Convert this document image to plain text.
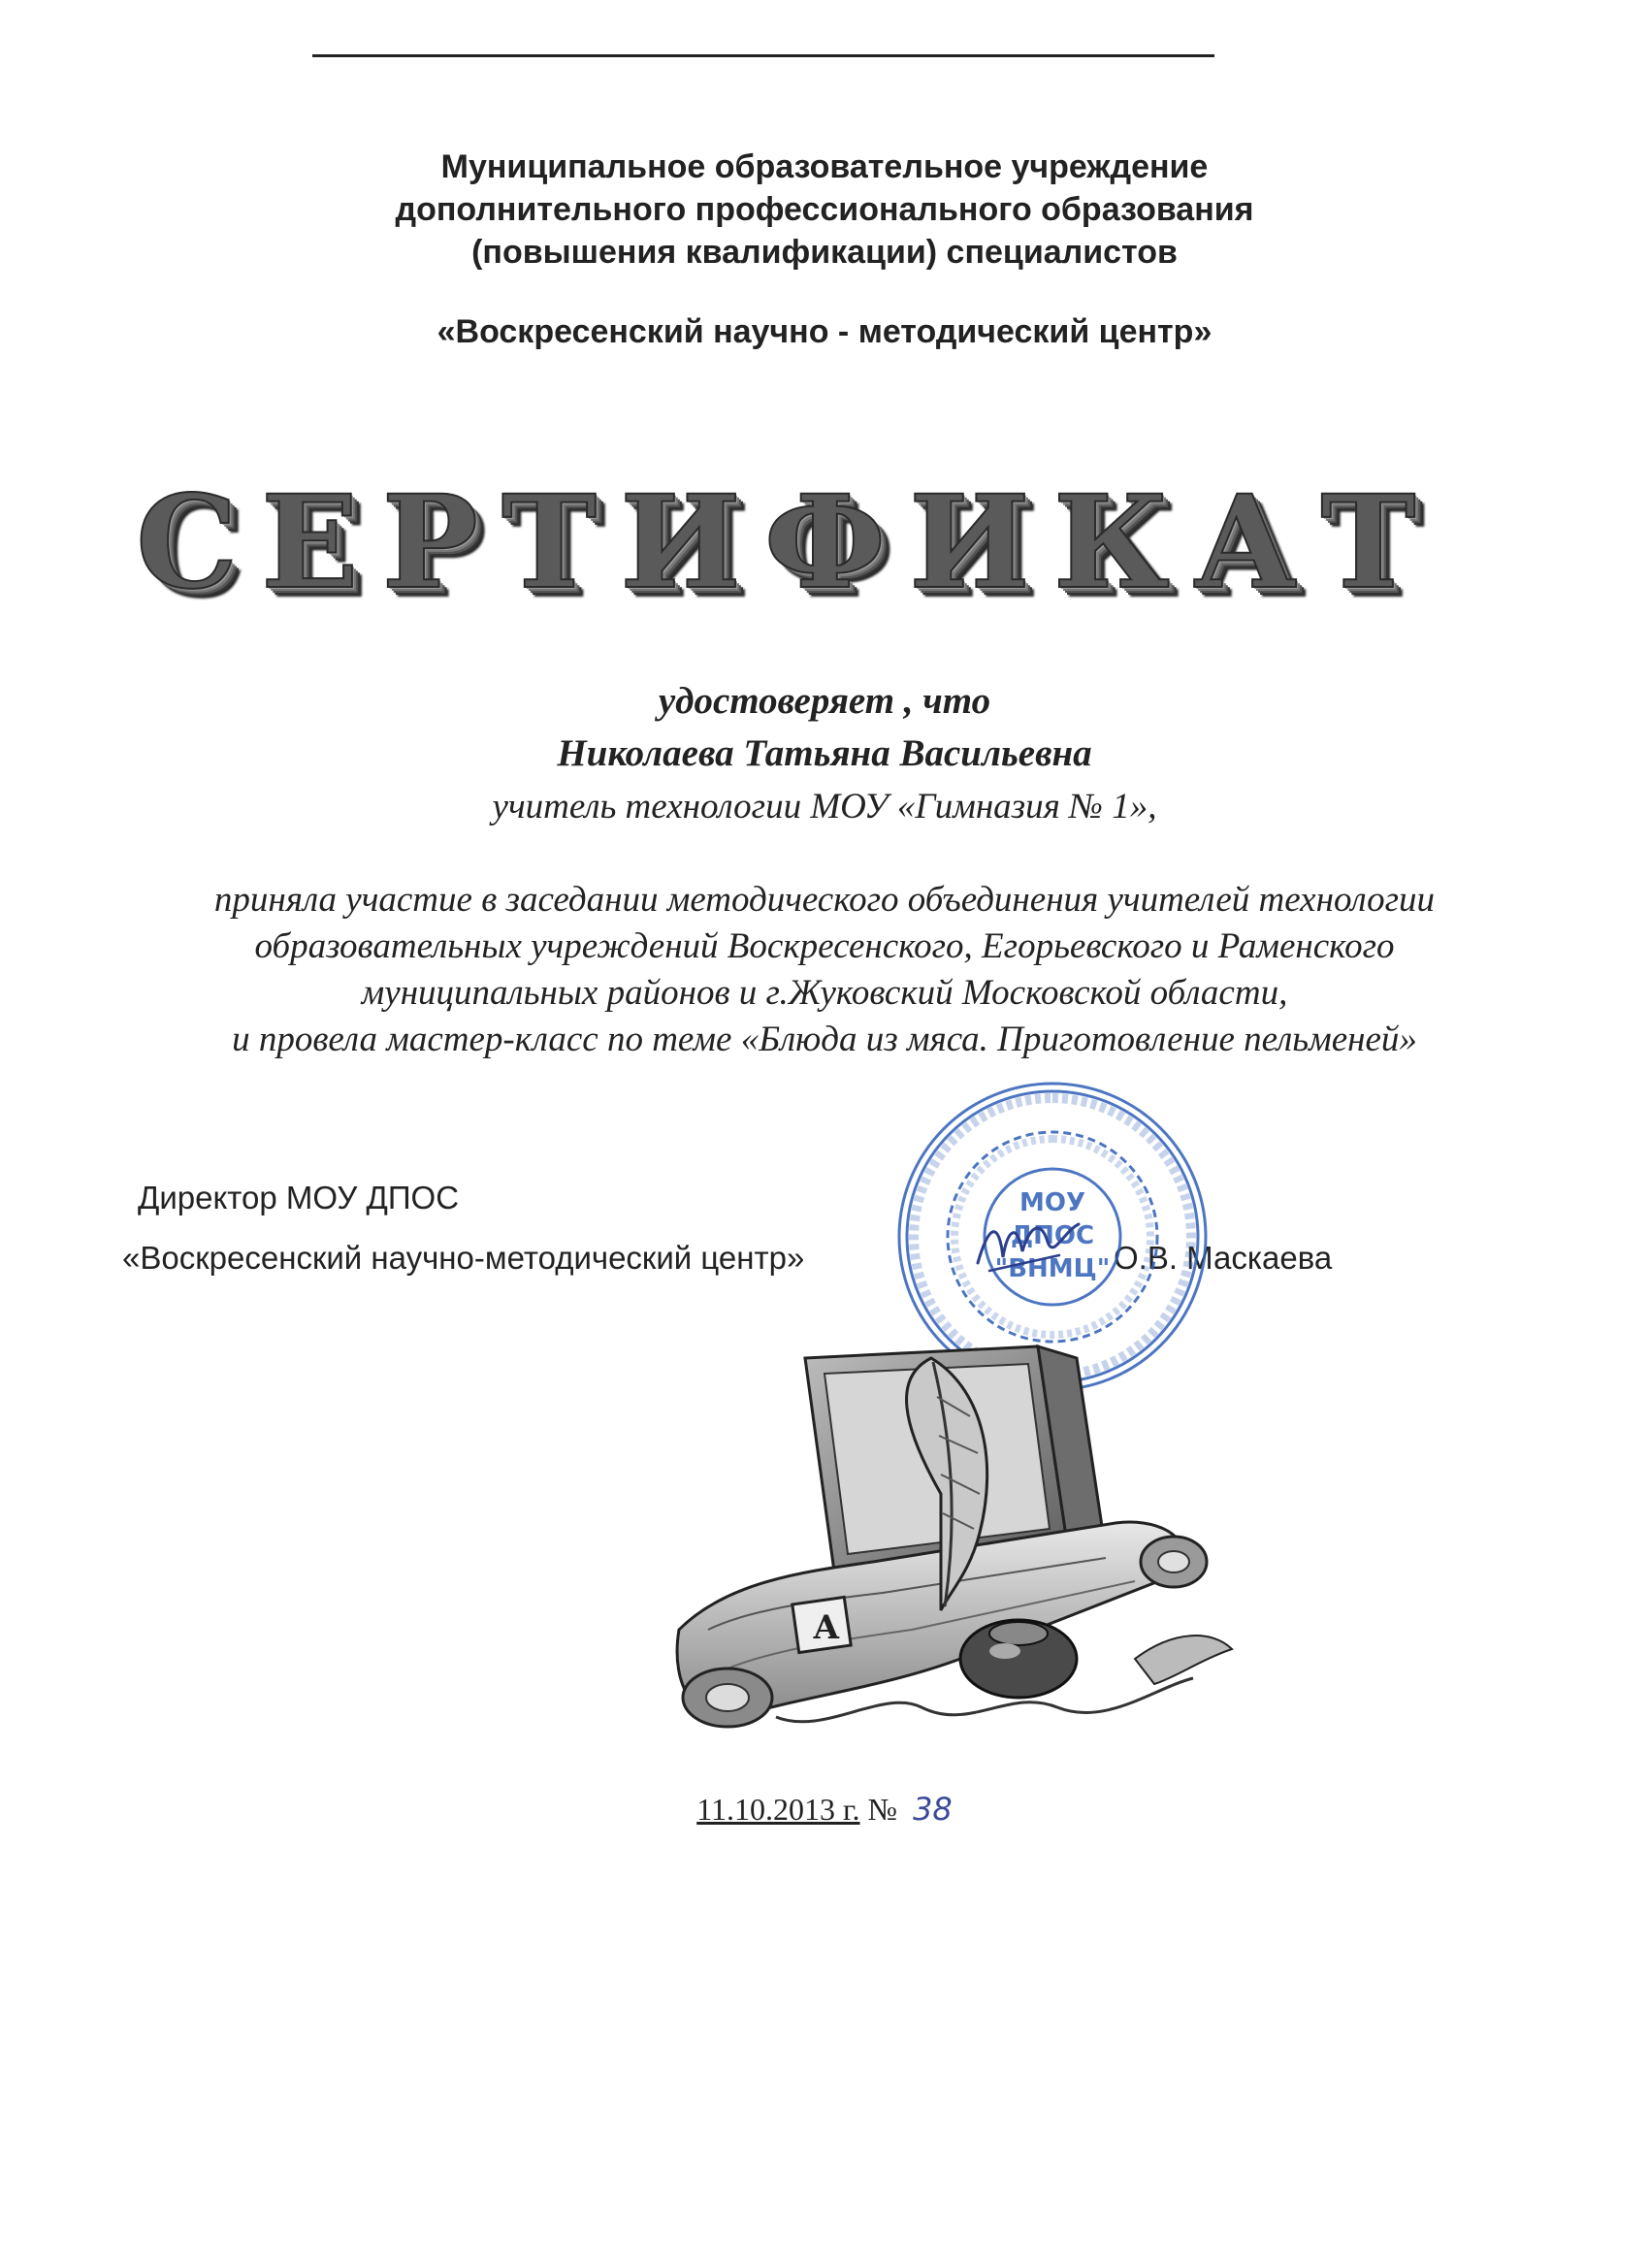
Муниципальное образовательное учреждение
дополнительного профессионального образования
(повышения квалификации) специалистов
«Воскресенский научно - методический центр»
СЕРТИФИКАТ
удостоверяет , что
Николаева Татьяна Васильевна
учитель технологии МОУ «Гимназия № 1»,
приняла участие в заседании методического объединения учителей технологии
образовательных учреждений Воскресенского, Егорьевского и Раменского
муниципальных районов и г.Жуковский Московской области,
и провела мастер-класс по теме «Блюда из мяса. Приготовление пельменей»
Директор МОУ ДПОС
«Воскресенский научно-методический центр»	О.В. Маскаева
МОУ
ДПОС
"ВНМЦ"
А
11.10.2013 г. № 38
